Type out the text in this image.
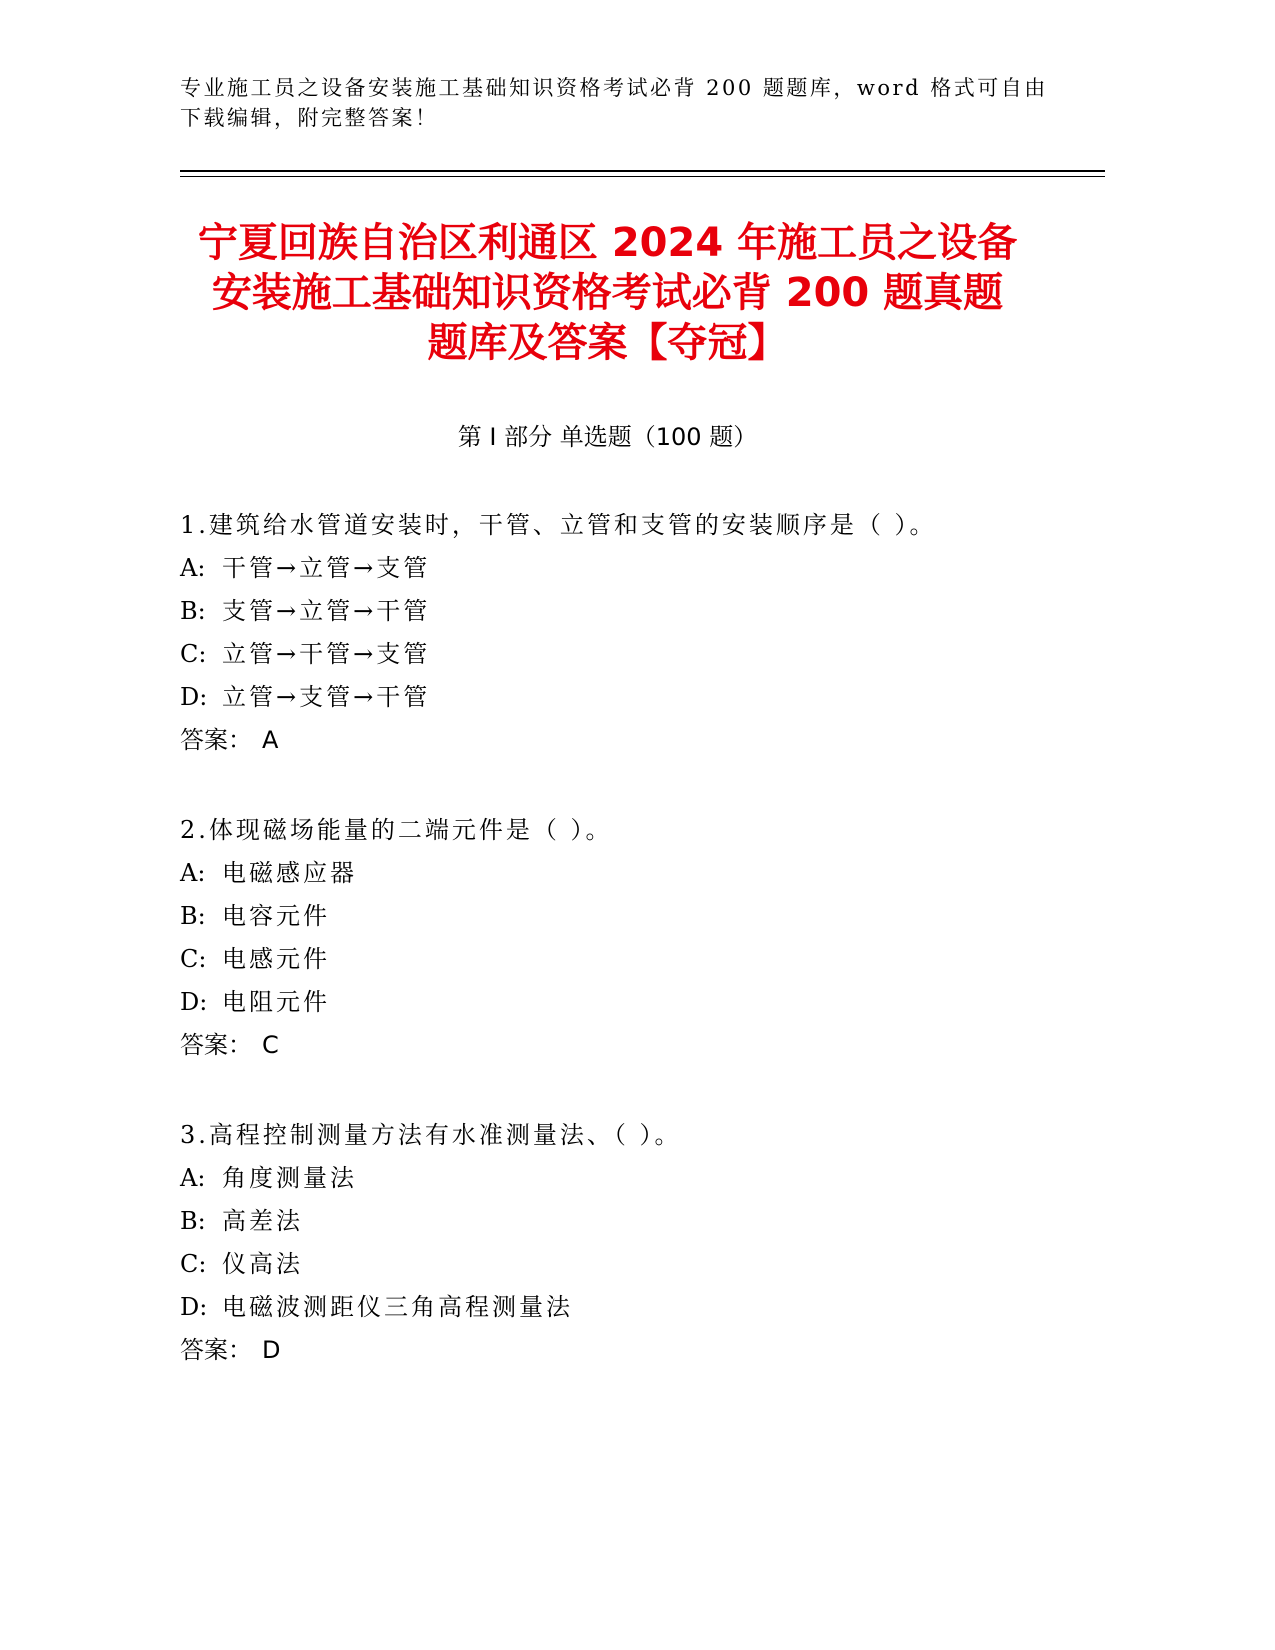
专业施工员之设备安装施工基础知识资格考试必背 200 题题库，word 格式可自由
下载编辑，附完整答案！
宁夏回族自治区利通区 2024 年施工员之设备
安装施工基础知识资格考试必背 200 题真题
题库及答案【夺冠】
第 I 部分 单选题（100 题）
1.建筑给水管道安装时，干管、立管和支管的安装顺序是（ ）。
A: 干管→立管→支管
B: 支管→立管→干管
C: 立管→干管→支管
D: 立管→支管→干管
答案： A
2.体现磁场能量的二端元件是（ ）。
A: 电磁感应器
B: 电容元件
C: 电感元件
D: 电阻元件
答案： C
3.高程控制测量方法有水准测量法、（ ）。
A: 角度测量法
B: 高差法
C: 仪高法
D: 电磁波测距仪三角高程测量法
答案： D
